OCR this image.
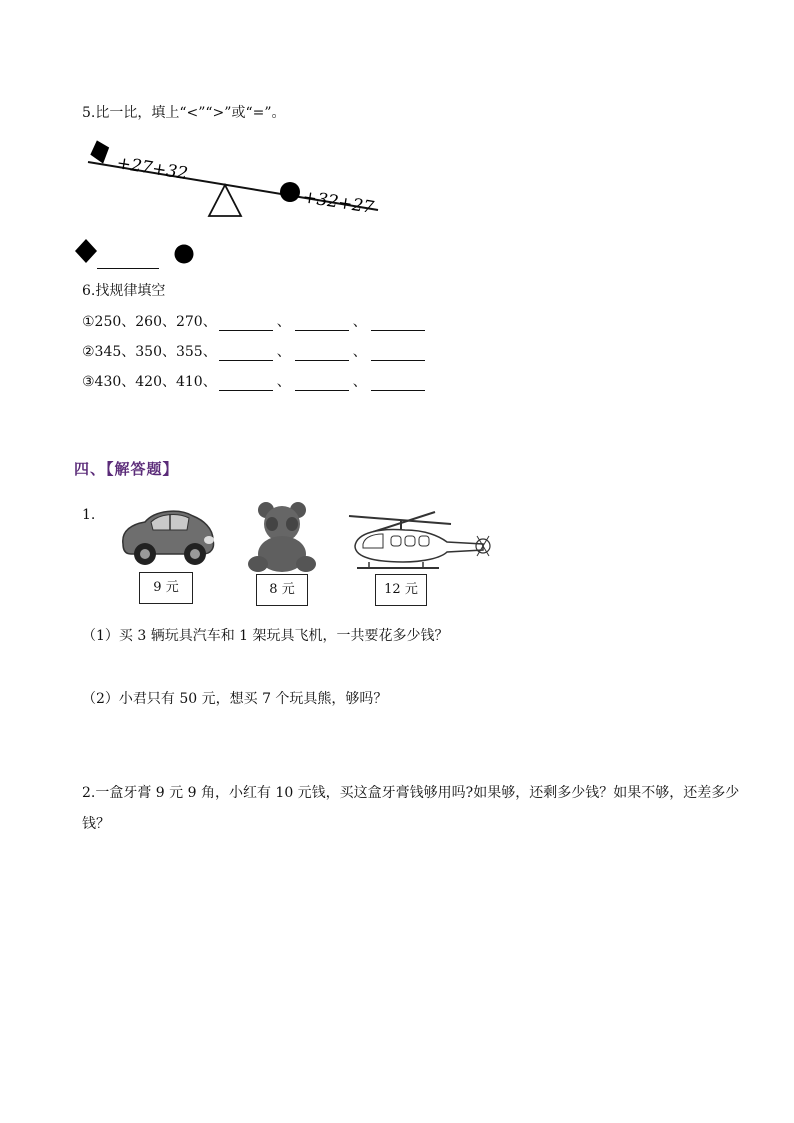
5.比一比，填上“<”“>”或“=”。
+27+32
+32+27
6.找规律填空
①250、260、270、	、	、
②345、350、355、	、	、
③430、420、410、	、	、
四、【解答题】
1.
9 元	8 元	12 元
（1）买 3 辆玩具汽车和 1 架玩具飞机，一共要花多少钱？
（2）小君只有 50 元，想买 7 个玩具熊，够吗？
2.一盒牙膏 9 元 9 角，小红有 10 元钱，买这盒牙膏钱够用吗?如果够，还剩多少钱？如果不够，还差多少
钱？
